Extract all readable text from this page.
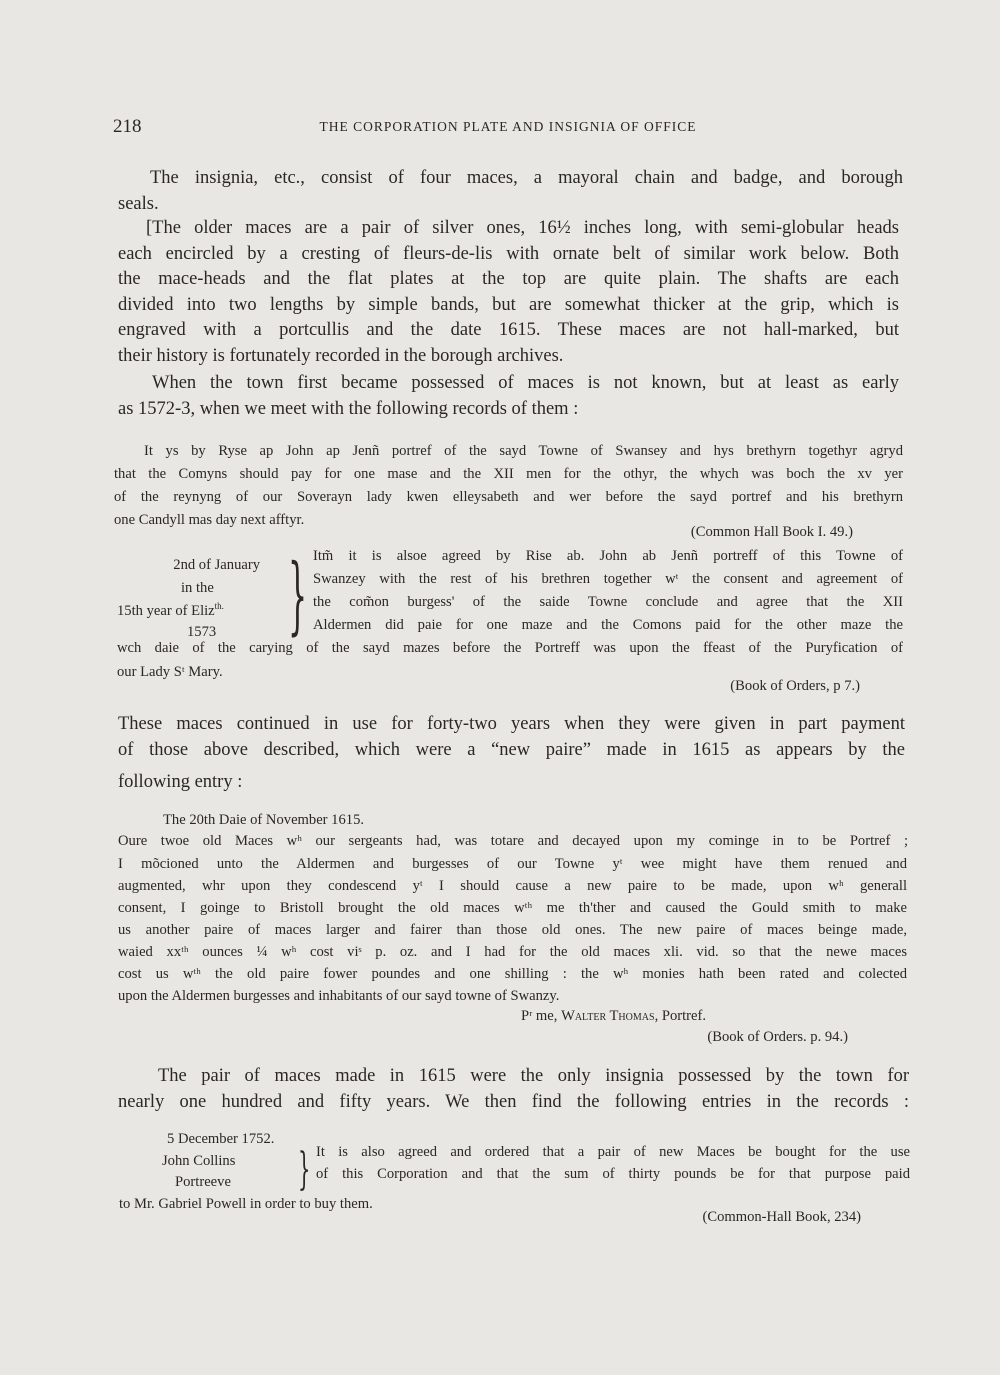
218	THE CORPORATION PLATE AND INSIGNIA OF OFFICE
The insignia, etc., consist of four maces, a mayoral chain and badge, and borough
seals.
[The older maces are a pair of silver ones, 16½ inches long, with semi-globular heads
each encircled by a cresting of fleurs-de-lis with ornate belt of similar work below. Both
the mace-heads and the flat plates at the top are quite plain. The shafts are each
divided into two lengths by simple bands, but are somewhat thicker at the grip, which is
engraved with a portcullis and the date 1615. These maces are not hall-marked, but
their history is fortunately recorded in the borough archives.
When the town first became possessed of maces is not known, but at least as early
as 1572-3, when we meet with the following records of them :
It ys by Ryse ap John ap Jenñ portref of the sayd Towne of Swansey and hys brethyrn togethyr agryd
that the Comyns should pay for one mase and the XII men for the othyr, the whych was boch the xv yer
of the reynyng of our Soverayn lady kwen elleysabeth and wer before the sayd portref and his brethyrn
one Candyll mas day next afftyr.
(Common Hall Book I. 49.)
2nd of January
in the
15th year of Eliz$^{th.}$
1573 } Itm̃ it is alsoe agreed by Rise ab. John ab Jenñ portreff of this Towne of
Swanzey with the rest of his brethren together wᵗ the consent and agreement of
the com̃on burgess' of the saide Towne conclude and agree that the XII
Aldermen did paie for one maze and the Comons paid for the other maze the
wch daie of the carying of the sayd mazes before the Portreff was upon the ffeast of the Puryfication of
our Lady Sᵗ Mary.
(Book of Orders, p 7.)
These maces continued in use for forty-two years when they were given in part payment
of those above described, which were a “new paire” made in 1615 as appears by the
following entry :
The 20th Daie of November 1615.
Oure twoe old Maces wʰ our sergeants had, was totare and decayed upon my cominge in to be Portref ;
I mõcioned unto the Aldermen and burgesses of our Towne yᵗ wee might have them renued and
augmented, whr upon they condescend yᵗ I should cause a new paire to be made, upon wʰ generall
consent, I goinge to Bristoll brought the old maces wᵗʰ me th'ther and caused the Gould smith to make
us another paire of maces larger and fairer than those old ones. The new paire of maces beinge made,
waied xxᵗʰ ounces ¼ wʰ cost viˢ p. oz. and I had for the old maces xli. vid. so that the newe maces
cost us wᵗʰ the old paire fower poundes and one shilling : the wʰ monies hath been rated and colected
upon the Aldermen burgesses and inhabitants of our sayd towne of Swanzy.
Pʳ me, Walter Thomas, Portref.
(Book of Orders. p. 94.)
The pair of maces made in 1615 were the only insignia possessed by the town for
nearly one hundred and fifty years. We then find the following entries in the records :
5 December 1752.
John Collins
Portreeve	} It is also agreed and ordered that a pair of new Maces be bought for the use
of this Corporation and that the sum of thirty pounds be for that purpose paid
to Mr. Gabriel Powell in order to buy them.
(Common-Hall Book, 234)
